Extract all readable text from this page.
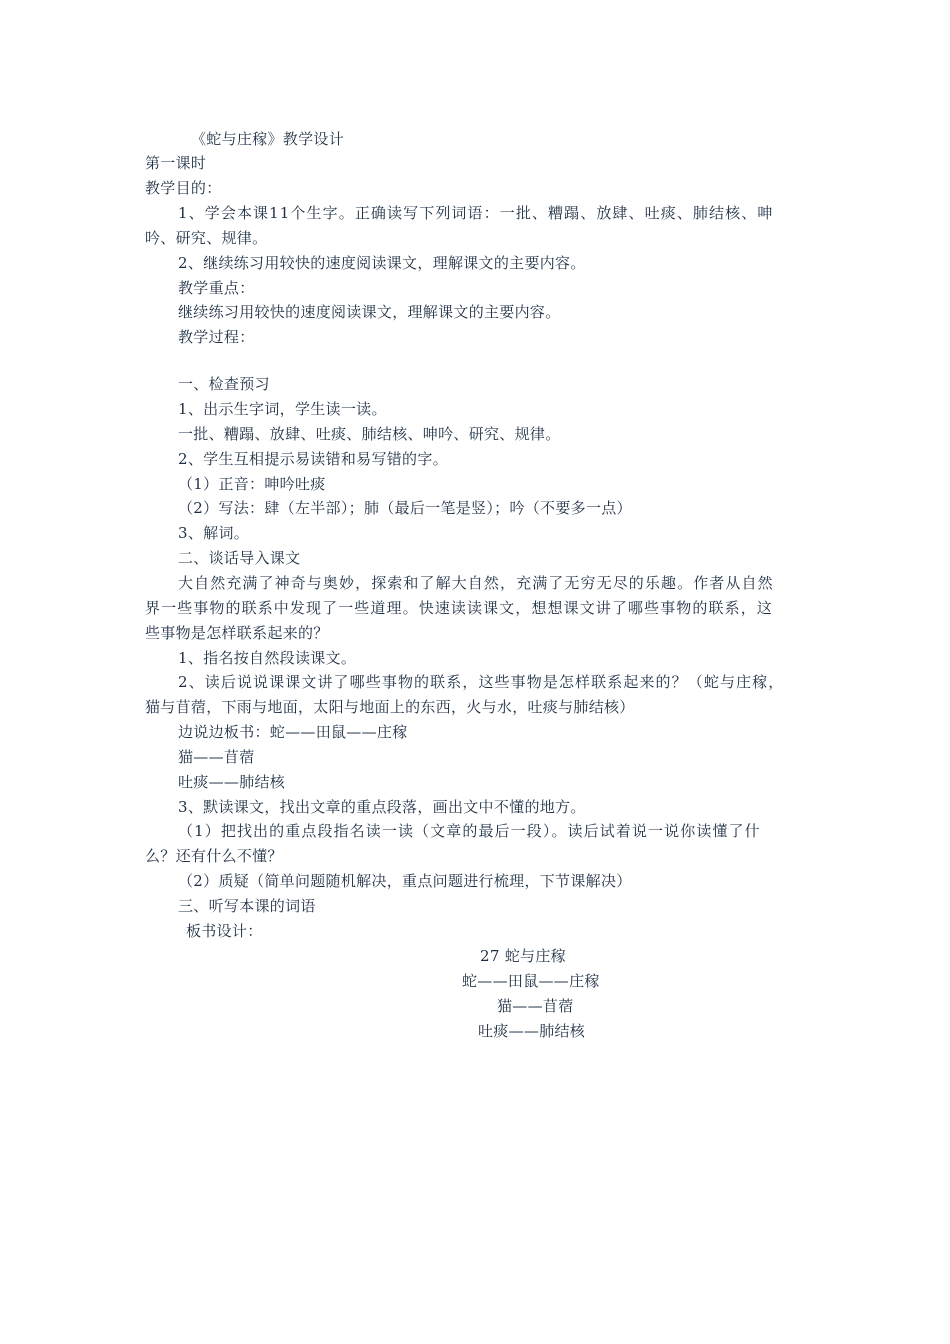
《蛇与庄稼》教学设计
第一课时
教学目的：
1、学会本课11个生字。正确读写下列词语：一批、糟蹋、放肆、吐痰、肺结核、呻
吟、研究、规律。
2、继续练习用较快的速度阅读课文，理解课文的主要内容。
教学重点：
继续练习用较快的速度阅读课文，理解课文的主要内容。
教学过程：
一、检查预习
1、出示生字词，学生读一读。
一批、糟蹋、放肆、吐痰、肺结核、呻吟、研究、规律。
2、学生互相提示易读错和易写错的字。
（1）正音：呻吟吐痰
（2）写法：肆（左半部）；肺（最后一笔是竖）；吟（不要多一点）
3、解词。
二、谈话导入课文
大自然充满了神奇与奥妙，探索和了解大自然，充满了无穷无尽的乐趣。作者从自然
界一些事物的联系中发现了一些道理。快速读读课文，想想课文讲了哪些事物的联系，这
些事物是怎样联系起来的？
1、指名按自然段读课文。
2、读后说说课课文讲了哪些事物的联系，这些事物是怎样联系起来的？（蛇与庄稼，
猫与苜蓿，下雨与地面，太阳与地面上的东西，火与水，吐痰与肺结核）
边说边板书：蛇——田鼠——庄稼
猫——苜蓿
吐痰——肺结核
3、默读课文，找出文章的重点段落，画出文中不懂的地方。
（1）把找出的重点段指名读一读（文章的最后一段）。读后试着说一说你读懂了什
么？还有什么不懂？
（2）质疑（简单问题随机解决，重点问题进行梳理，下节课解决）
三、听写本课的词语
板书设计：
27 蛇与庄稼
蛇——田鼠——庄稼
猫——苜蓿
吐痰——肺结核
